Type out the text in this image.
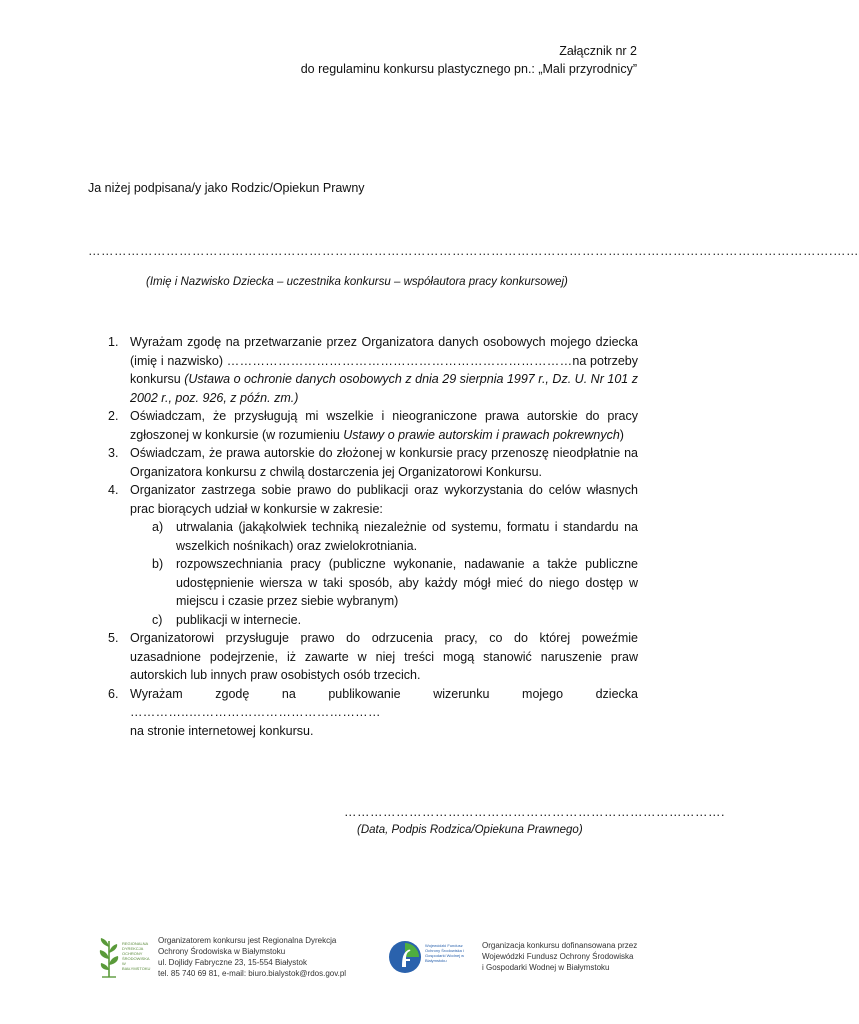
Załącznik nr 2
do regulaminu konkursu plastycznego pn.: „Mali przyrodnicy”
Ja niżej podpisana/y jako Rodzic/Opiekun Prawny
……………………………………………………………………………………………………………………………………………………….……
(Imię i Nazwisko Dziecka – uczestnika konkursu – współautora pracy konkursowej)
1. Wyrażam zgodę na przetwarzanie przez Organizatora danych osobowych mojego dziecka (imię i nazwisko) ………………………………………………………………………na potrzeby konkursu (Ustawa o ochronie danych osobowych z dnia 29 sierpnia 1997 r., Dz. U. Nr 101 z 2002 r., poz. 926, z późn. zm.)
2. Oświadczam, że przysługują mi wszelkie i nieograniczone prawa autorskie do pracy zgłoszonej w konkursie (w rozumieniu Ustawy o prawie autorskim i prawach pokrewnych)
3. Oświadczam, że prawa autorskie do złożonej w konkursie pracy przenoszę nieodpłatnie na Organizatora konkursu z chwilą dostarczenia jej Organizatorowi Konkursu.
4. Organizator zastrzega sobie prawo do publikacji oraz wykorzystania do celów własnych prac biorących udział w konkursie w zakresie:
a)	utrwalania (jakąkolwiek techniką niezależnie od systemu, formatu i standardu na wszelkich nośnikach) oraz zwielokrotniania.
b)	rozpowszechniania pracy (publiczne wykonanie, nadawanie a także publiczne udostępnienie wiersza w taki sposób, aby każdy mógł mieć do niego dostęp w miejscu i czasie przez siebie wybranym)
c)	publikacji w internecie.
5. Organizatorowi przysługuje prawo do odrzucenia pracy, co do której poweźmie uzasadnione podejrzenie, iż zawarte w niej treści mogą stanowić naruszenie praw autorskich lub innych praw osobistych osób trzecich.
6. Wyrażam zgodę na publikowanie wizerunku mojego dziecka …………..………………………………………
na stronie internetowej konkursu.
…………………………………………………………………………….
(Data, Podpis Rodzica/Opiekuna Prawnego)
REGIONALNA DYREKCJA OCHRONY ŚRODOWISKA W BIAŁYMSTOKU
Organizatorem konkursu jest Regionalna Dyrekcja
Ochrony Środowiska w Białymstoku
ul. Dojlidy Fabryczne 23, 15-554 Białystok
tel. 85 740 69 81, e-mail: biuro.bialystok@rdos.gov.pl
Wojewódzki Fundusz Ochrony Środowiska i Gospodarki Wodnej w Białymstoku
Organizacja konkursu dofinansowana przez
Wojewódzki Fundusz Ochrony Środowiska
i Gospodarki Wodnej w Białymstoku
